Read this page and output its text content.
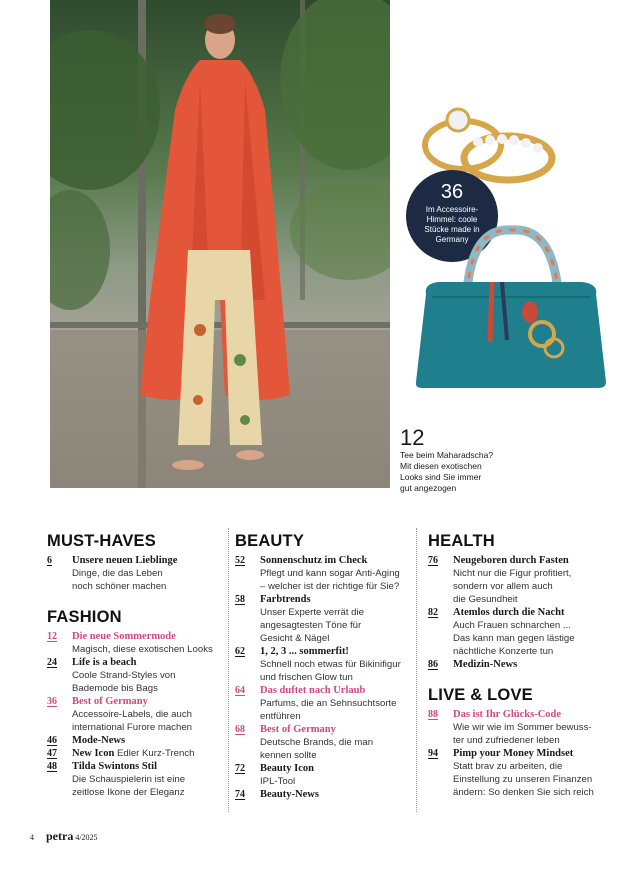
36
Im Accessoire-
Himmel: coole
Stücke made in
Germany
12
Tee beim Maharadscha?
Mit diesen exotischen
Looks sind Sie immer
gut angezogen
MUST-HAVES
6	Unsere neuen Lieblinge
Dinge, die das Leben
noch schöner machen
FASHION
12	Die neue Sommermode
Magisch, diese exotischen Looks
24	Life is a beach
Coole Strand-Styles von
Bademode bis Bags
36	Best of Germany
Accessoire-Labels, die auch
international Furore machen
46	Mode-News
47	New Icon Edler Kurz-Trench
48	Tilda Swintons Stil
Die Schauspielerin ist eine
zeitlose Ikone der Eleganz
BEAUTY
52	Sonnenschutz im Check
Pflegt und kann sogar Anti-Aging
– welcher ist der richtige für Sie?
58	Farbtrends
Unser Experte verrät die
angesagtesten Töne für
Gesicht & Nägel
62	1, 2, 3 ... sommerfit!
Schnell noch etwas für Bikinifigur
und frischen Glow tun
64	Das duftet nach Urlaub
Parfums, die an Sehnsuchtsorte
entführen
68	Best of Germany
Deutsche Brands, die man
kennen sollte
72	Beauty Icon
IPL-Tool
74	Beauty-News
HEALTH
76	Neugeboren durch Fasten
Nicht nur die Figur profitiert,
sondern vor allem auch
die Gesundheit
82	Atemlos durch die Nacht
Auch Frauen schnarchen ...
Das kann man gegen lästige
nächtliche Konzerte tun
86	Medizin-News
LIVE & LOVE
88	Das ist Ihr Glücks-Code
Wie wir wie im Sommer bewuss-
ter und zufriedener leben
94	Pimp your Money Mindset
Statt brav zu arbeiten, die
Einstellung zu unseren Finanzen
ändern: So denken Sie sich reich
4 petra 4/2025
